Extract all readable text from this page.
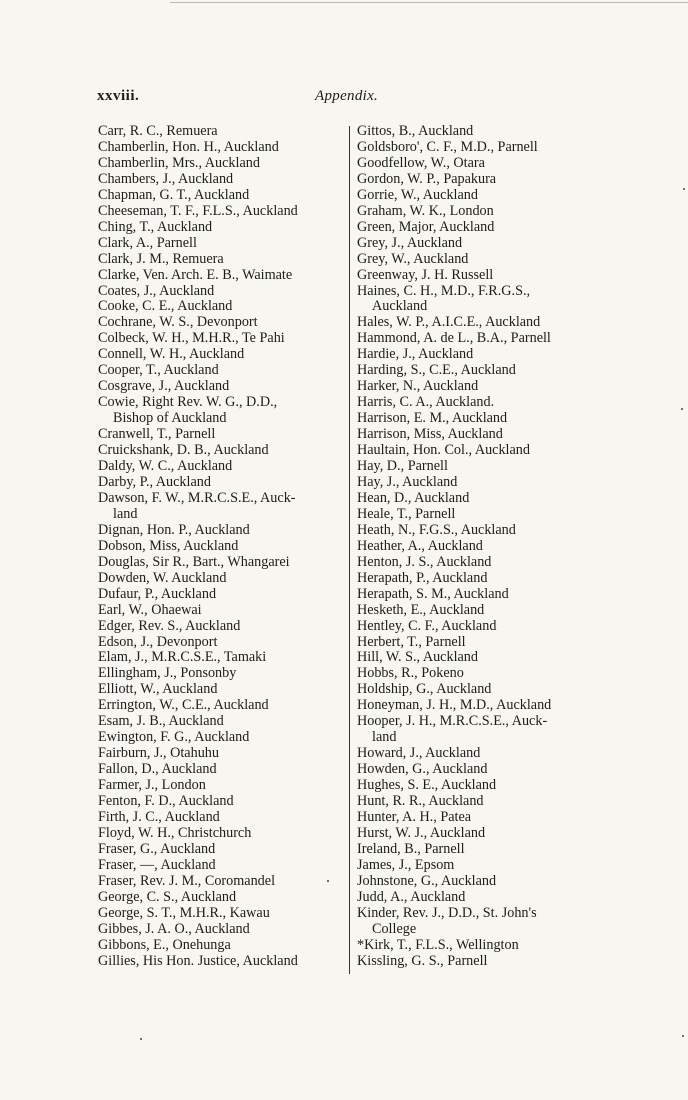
xxviii.	Appendix.
Carr, R. C., Remuera
Chamberlin, Hon. H., Auckland
Chamberlin, Mrs., Auckland
Chambers, J., Auckland
Chapman, G. T., Auckland
Cheeseman, T. F., F.L.S., Auckland
Ching, T., Auckland
Clark, A., Parnell
Clark, J. M., Remuera
Clarke, Ven. Arch. E. B., Waimate
Coates, J., Auckland
Cooke, C. E., Auckland
Cochrane, W. S., Devonport
Colbeck, W. H., M.H.R., Te Pahi
Connell, W. H., Auckland
Cooper, T., Auckland
Cosgrave, J., Auckland
Cowie, Right Rev. W. G., D.D.,
Bishop of Auckland
Cranwell, T., Parnell
Cruickshank, D. B., Auckland
Daldy, W. C., Auckland
Darby, P., Auckland
Dawson, F. W., M.R.C.S.E., Auck-
land
Dignan, Hon. P., Auckland
Dobson, Miss, Auckland
Douglas, Sir R., Bart., Whangarei
Dowden, W. Auckland
Dufaur, P., Auckland
Earl, W., Ohaewai
Edger, Rev. S., Auckland
Edson, J., Devonport
Elam, J., M.R.C.S.E., Tamaki
Ellingham, J., Ponsonby
Elliott, W., Auckland
Errington, W., C.E., Auckland
Esam, J. B., Auckland
Ewington, F. G., Auckland
Fairburn, J., Otahuhu
Fallon, D., Auckland
Farmer, J., London
Fenton, F. D., Auckland
Firth, J. C., Auckland
Floyd, W. H., Christchurch
Fraser, G., Auckland
Fraser, —, Auckland
Fraser, Rev. J. M., Coromandel
George, C. S., Auckland
George, S. T., M.H.R., Kawau
Gibbes, J. A. O., Auckland
Gibbons, E., Onehunga
Gillies, His Hon. Justice, Auckland
Gittos, B., Auckland
Goldsboro', C. F., M.D., Parnell
Goodfellow, W., Otara
Gordon, W. P., Papakura
Gorrie, W., Auckland
Graham, W. K., London
Green, Major, Auckland
Grey, J., Auckland
Grey, W., Auckland
Greenway, J. H. Russell
Haines, C. H., M.D., F.R.G.S.,
Auckland
Hales, W. P., A.I.C.E., Auckland
Hammond, A. de L., B.A., Parnell
Hardie, J., Auckland
Harding, S., C.E., Auckland
Harker, N., Auckland
Harris, C. A., Auckland.
Harrison, E. M., Auckland
Harrison, Miss, Auckland
Haultain, Hon. Col., Auckland
Hay, D., Parnell
Hay, J., Auckland
Hean, D., Auckland
Heale, T., Parnell
Heath, N., F.G.S., Auckland
Heather, A., Auckland
Henton, J. S., Auckland
Herapath, P., Auckland
Herapath, S. M., Auckland
Hesketh, E., Auckland
Hentley, C. F., Auckland
Herbert, T., Parnell
Hill, W. S., Auckland
Hobbs, R., Pokeno
Holdship, G., Auckland
Honeyman, J. H., M.D., Auckland
Hooper, J. H., M.R.C.S.E., Auck-
land
Howard, J., Auckland
Howden, G., Auckland
Hughes, S. E., Auckland
Hunt, R. R., Auckland
Hunter, A. H., Patea
Hurst, W. J., Auckland
Ireland, B., Parnell
James, J., Epsom
Johnstone, G., Auckland
Judd, A., Auckland
Kinder, Rev. J., D.D., St. John's
College
*Kirk, T., F.L.S., Wellington
Kissling, G. S., Parnell
